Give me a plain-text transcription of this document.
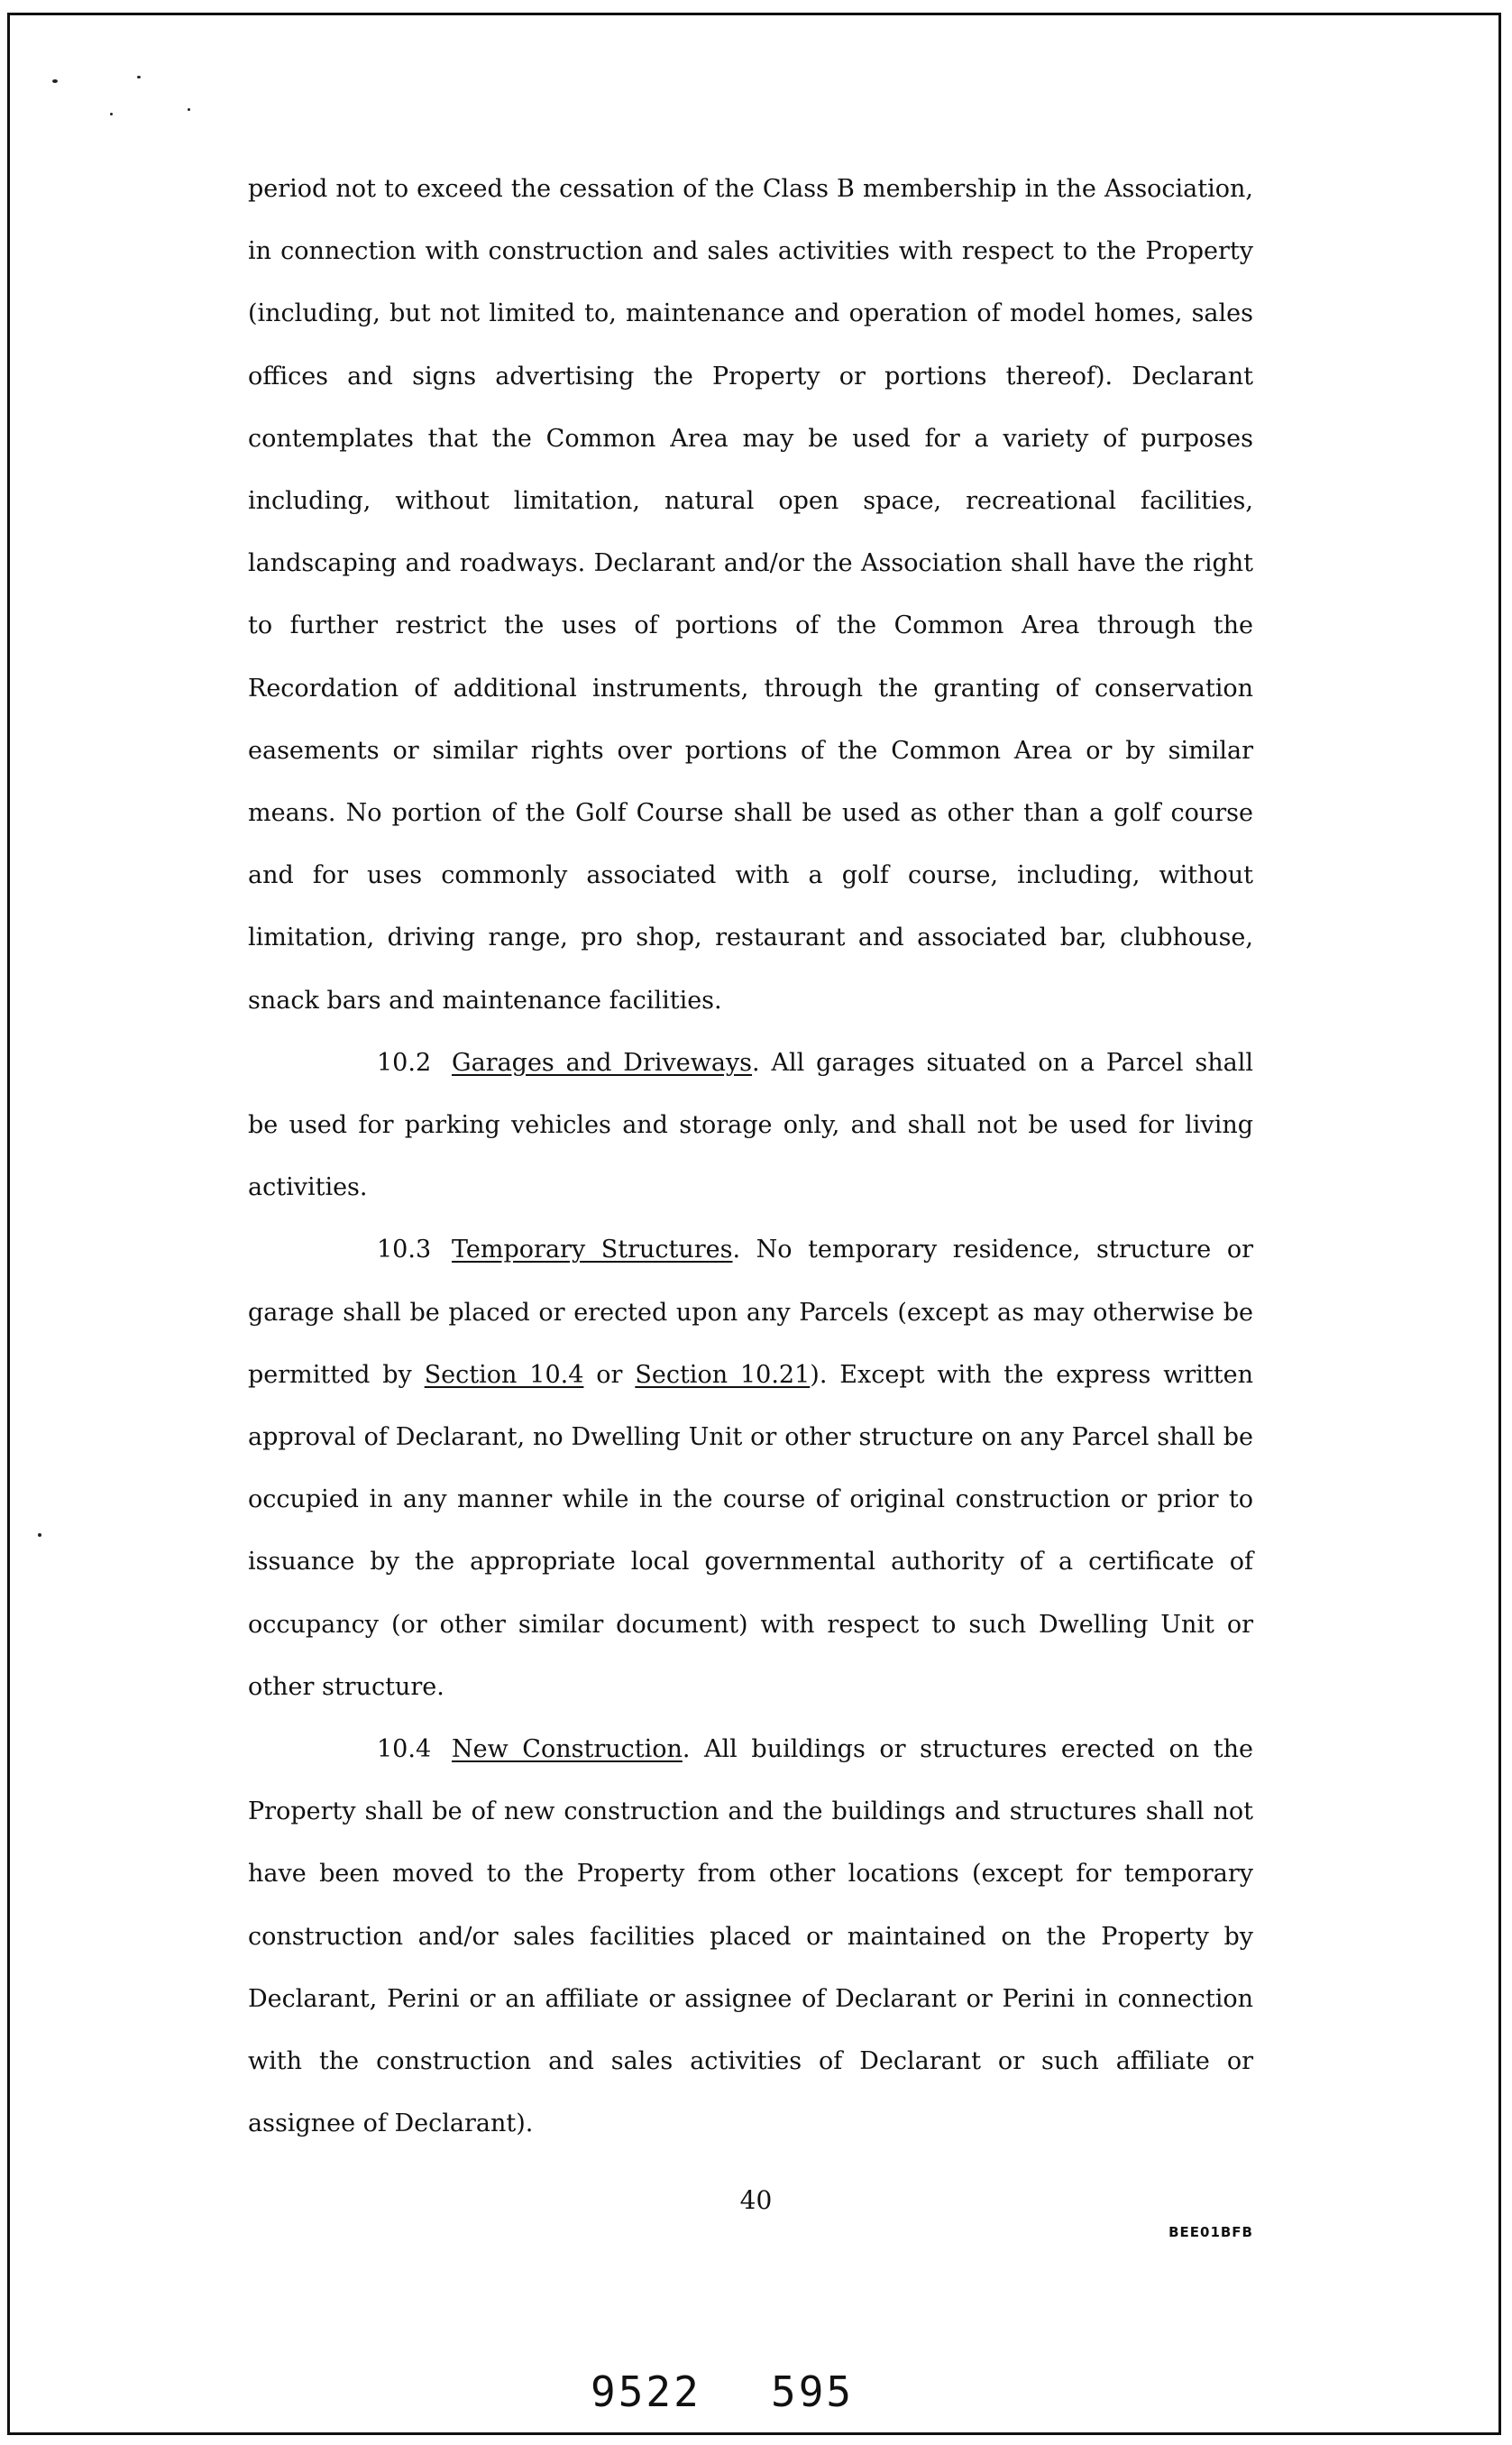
period not to exceed the cessation of the Class B membership in the Association, in connection with construction and sales activities with respect to the Property (including, but not limited to, maintenance and operation of model homes, sales offices and signs advertising the Property or portions thereof). Declarant contemplates that the Common Area may be used for a variety of purposes including, without limitation, natural open space, recreational facilities, landscaping and roadways. Declarant and/or the Association shall have the right to further restrict the uses of portions of the Common Area through the Recordation of additional instruments, through the granting of conservation easements or similar rights over portions of the Common Area or by similar means. No portion of the Golf Course shall be used as other than a golf course and for uses commonly associated with a golf course, including, without limitation, driving range, pro shop, restaurant and associated bar, clubhouse, snack bars and maintenance facilities.

10.2 Garages and Driveways. All garages situated on a Parcel shall be used for parking vehicles and storage only, and shall not be used for living activities.

10.3 Temporary Structures. No temporary residence, structure or garage shall be placed or erected upon any Parcels (except as may otherwise be permitted by Section 10.4 or Section 10.21). Except with the express written approval of Declarant, no Dwelling Unit or other structure on any Parcel shall be occupied in any manner while in the course of original construction or prior to issuance by the appropriate local governmental authority of a certificate of occupancy (or other similar document) with respect to such Dwelling Unit or other structure.

10.4 New Construction. All buildings or structures erected on the Property shall be of new construction and the buildings and structures shall not have been moved to the Property from other locations (except for temporary construction and/or sales facilities placed or maintained on the Property by Declarant, Perini or an affiliate or assignee of Declarant or Perini in connection with the construction and sales activities of Declarant or such affiliate or assignee of Declarant).

40
BEE01BFB
9522 595
